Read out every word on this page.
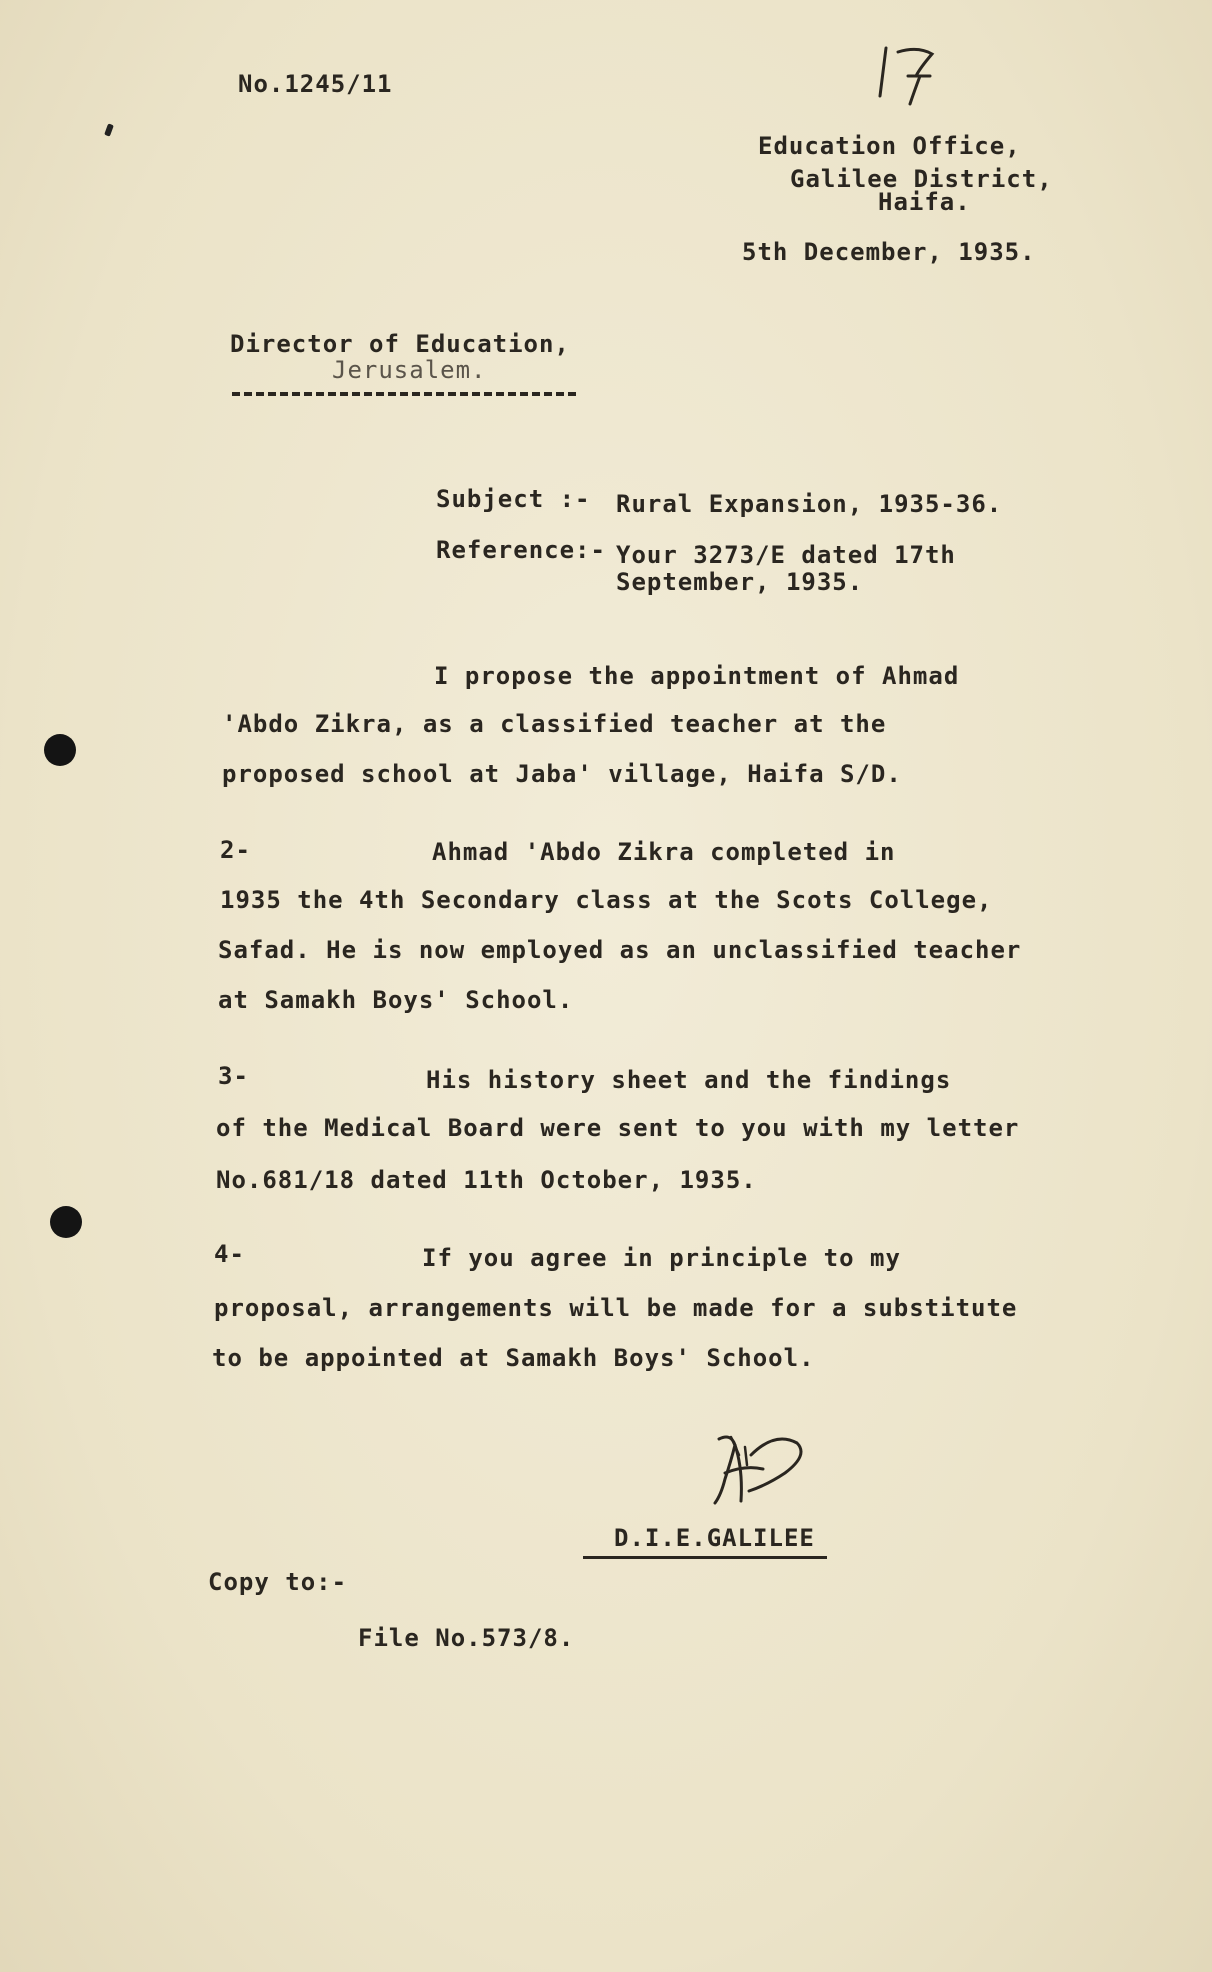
No.1245/11
Education Office,
Galilee District,
Haifa.
5th December, 1935.
Director of Education,
Jerusalem.
Subject :- Rural Expansion, 1935-36.
Reference:- Your 3273/E dated 17th
September, 1935.
I propose the appointment of Ahmad
'Abdo Zikra, as a classified teacher at the
proposed school at Jaba' village, Haifa S/D.
2-	Ahmad 'Abdo Zikra completed in
1935 the 4th Secondary class at the Scots College,
Safad. He is now employed as an unclassified teacher
at Samakh Boys' School.
3-	His history sheet and the findings
of the Medical Board were sent to you with my letter
No.681/18 dated 11th October, 1935.
4-	If you agree in principle to my
proposal, arrangements will be made for a substitute
to be appointed at Samakh Boys' School.
D.I.E.GALILEE
Copy to:-
File No.573/8.
